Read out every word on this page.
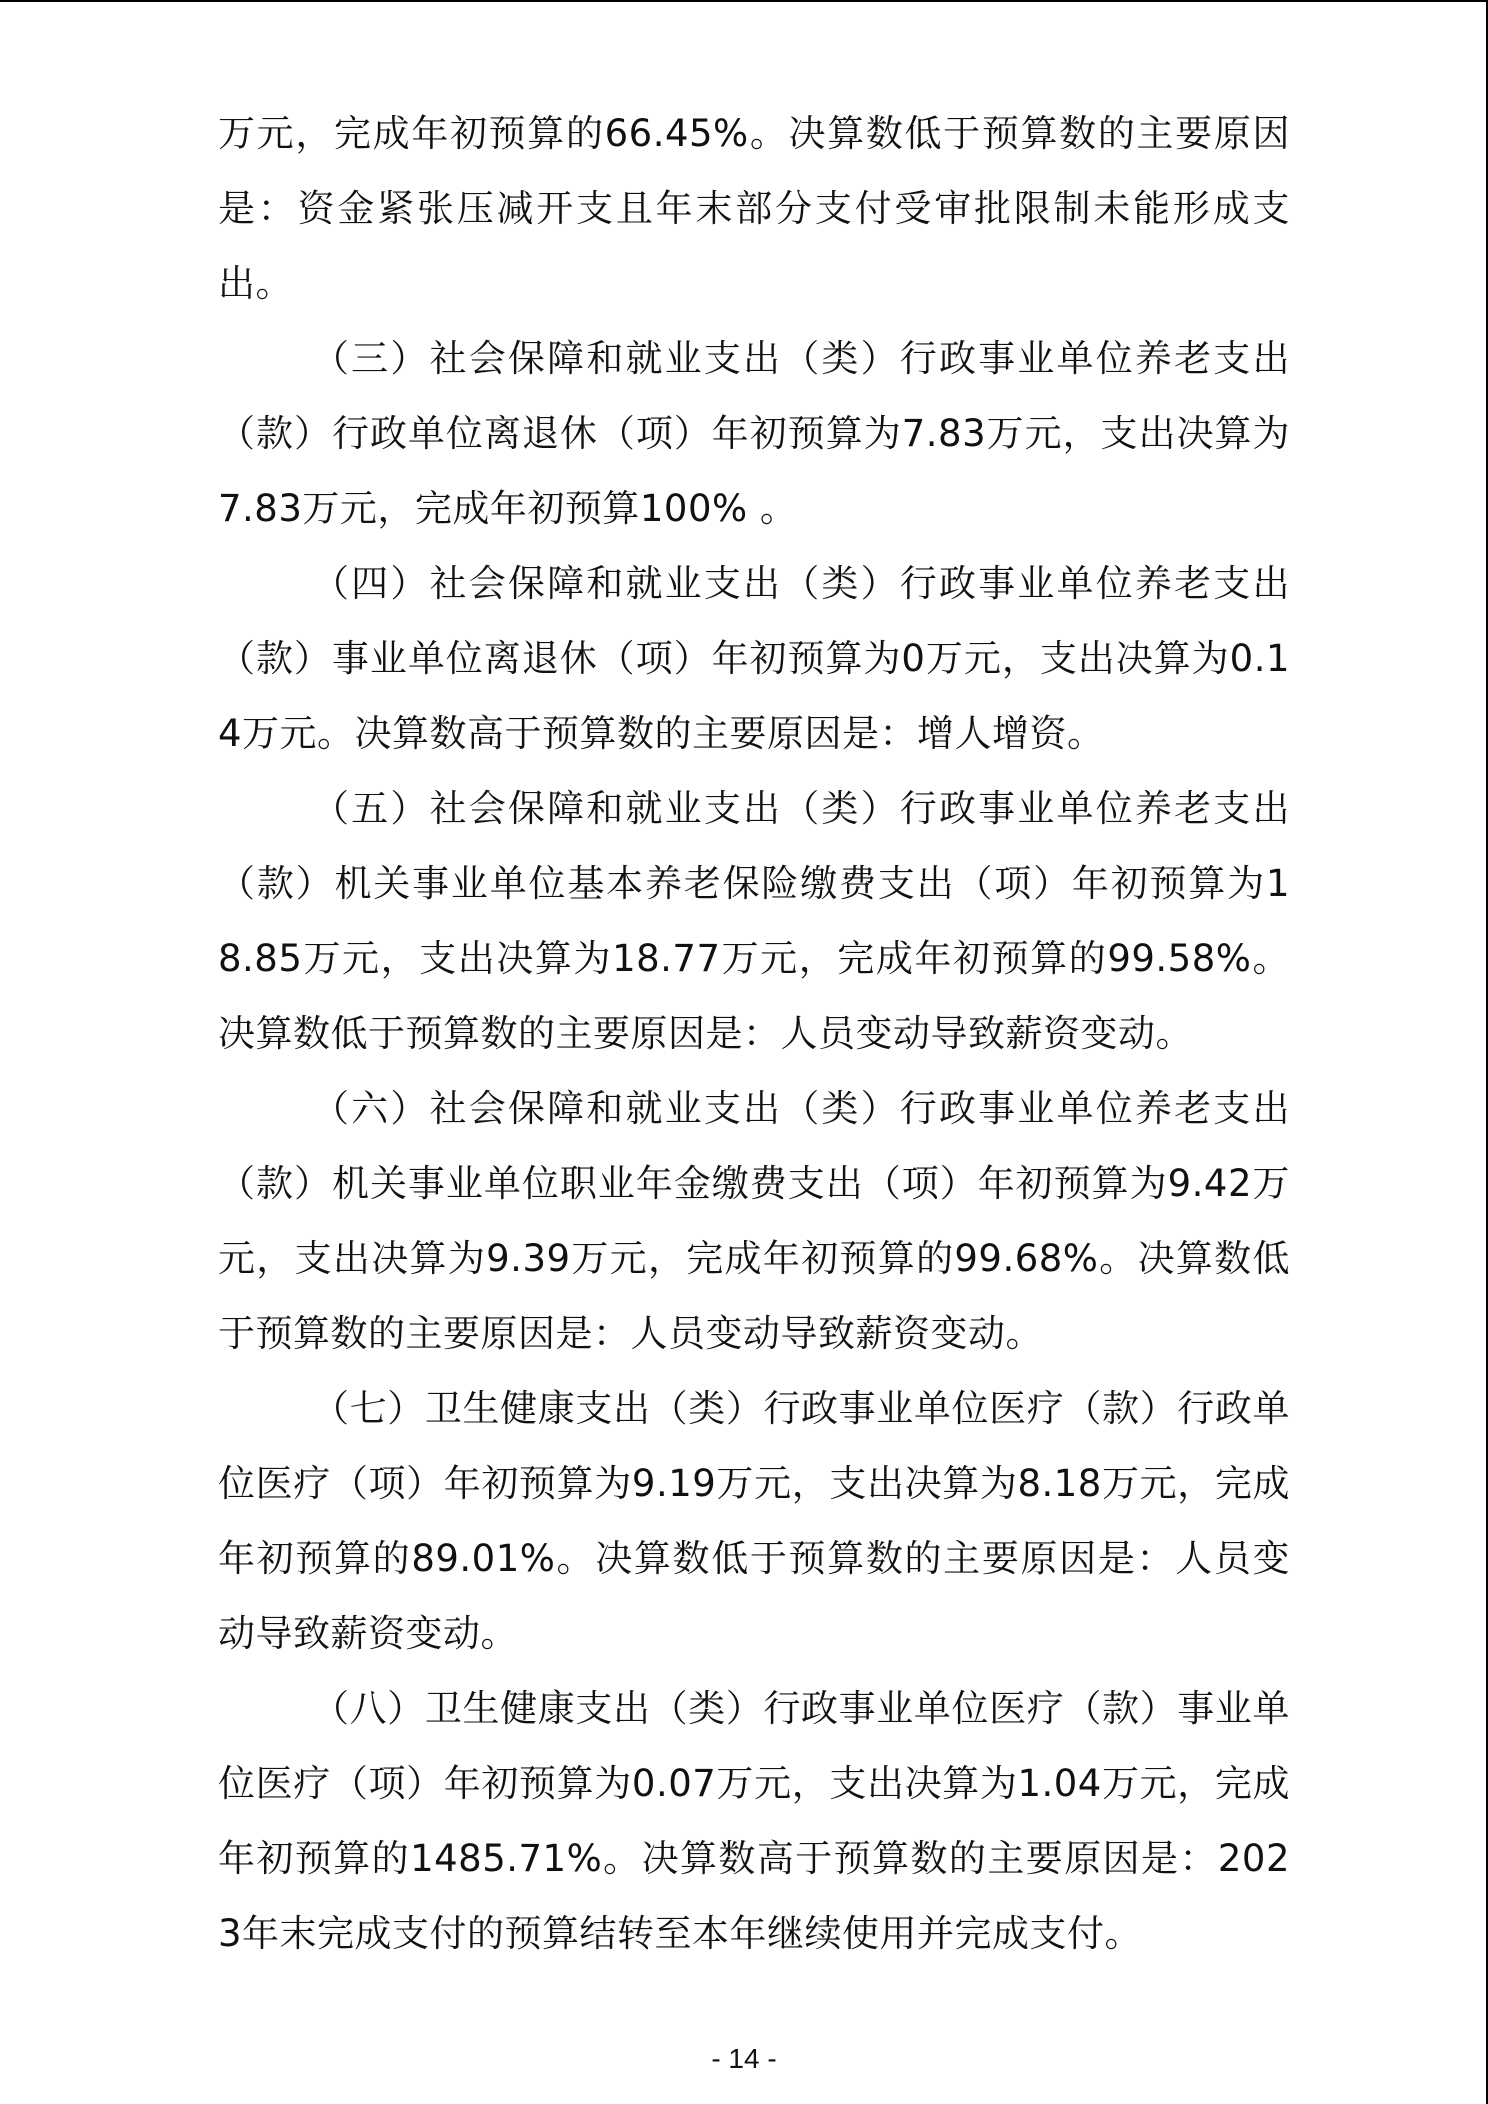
万元，完成年初预算的66.45%。决算数低于预算数的主要原因是：资金紧张压减开支且年末部分支付受审批限制未能形成支出。

（三）社会保障和就业支出（类）行政事业单位养老支出（款）行政单位离退休（项）年初预算为7.83万元，支出决算为7.83万元，完成年初预算100% 。

（四）社会保障和就业支出（类）行政事业单位养老支出（款）事业单位离退休（项）年初预算为0万元，支出决算为0.14万元。决算数高于预算数的主要原因是：增人增资。

（五）社会保障和就业支出（类）行政事业单位养老支出（款）机关事业单位基本养老保险缴费支出（项）年初预算为18.85万元，支出决算为18.77万元，完成年初预算的99.58%。决算数低于预算数的主要原因是：人员变动导致薪资变动。

（六）社会保障和就业支出（类）行政事业单位养老支出（款）机关事业单位职业年金缴费支出（项）年初预算为9.42万元，支出决算为9.39万元，完成年初预算的99.68%。决算数低于预算数的主要原因是：人员变动导致薪资变动。

（七）卫生健康支出（类）行政事业单位医疗（款）行政单位医疗（项）年初预算为9.19万元，支出决算为8.18万元，完成年初预算的89.01%。决算数低于预算数的主要原因是：人员变动导致薪资变动。

（八）卫生健康支出（类）行政事业单位医疗（款）事业单位医疗（项）年初预算为0.07万元，支出决算为1.04万元，完成年初预算的1485.71%。决算数高于预算数的主要原因是：2023年末完成支付的预算结转至本年继续使用并完成支付。

- 14 -
